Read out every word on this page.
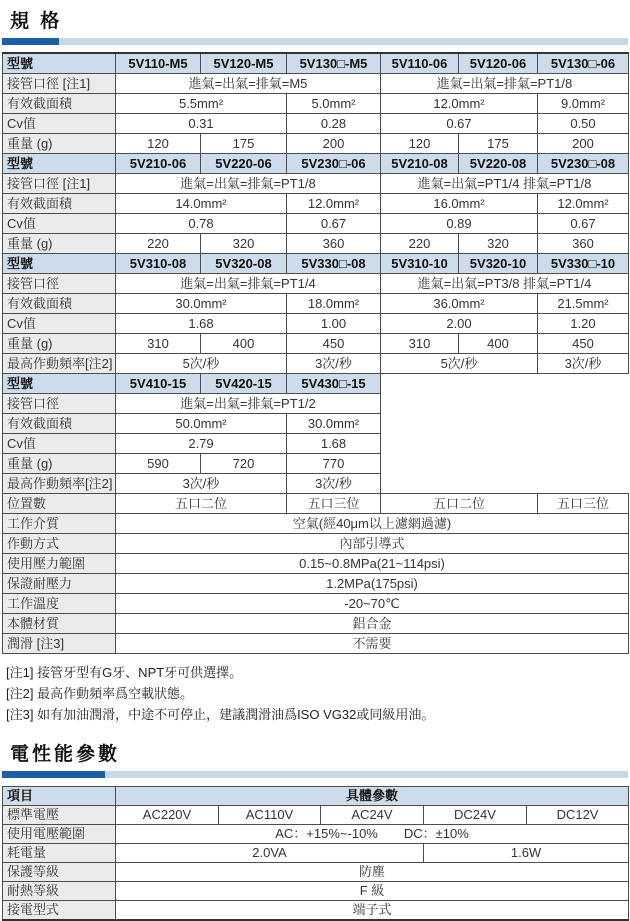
規 格
型號	5V110-M5	5V120-M5	5V130□-M5	5V110-06	5V120-06	5V130□-06
接管口徑 [注1]	進氣=出氣=排氣=M5			進氣=出氣=排氣=PT1/8		
有效截面積	5.5mm²		5.0mm²	12.0mm²		9.0mm²
Cv值	0.31		0.28	0.67		0.50
重量 (g)	120	175	200	120	175	200
型號	5V210-06	5V220-06	5V230□-06	5V210-08	5V220-08	5V230□-08
接管口徑 [注1]	進氣=出氣=排氣=PT1/8			進氣=出氣=PT1/4 排氣=PT1/8		
有效截面積	14.0mm²		12.0mm²	16.0mm²		12.0mm²
Cv值	0.78		0.67	0.89		0.67
重量 (g)	220	320	360	220	320	360
型號	5V310-08	5V320-08	5V330□-08	5V310-10	5V320-10	5V330□-10
接管口徑	進氣=出氣=排氣=PT1/4			進氣=出氣=PT3/8 排氣=PT1/4		
有效截面積	30.0mm²		18.0mm²	36.0mm²		21.5mm²
Cv值	1.68		1.00	2.00		1.20
重量 (g)	310	400	450	310	400	450
最高作動頻率[注2]	5次/秒		3次/秒	5次/秒		3次/秒
型號	5V410-15	5V420-15	5V430□-15			
接管口徑	進氣=出氣=排氣=PT1/2					
有效截面積	50.0mm²		30.0mm²			
Cv值	2.79		1.68			
重量 (g)	590	720	770			
最高作動頻率[注2]	3次/秒		3次/秒			
位置數	五口二位		五口三位	五口二位		五口三位
工作介質	空氣(經40μm以上濾網過濾)					
作動方式	內部引導式					
使用壓力範圍	0.15~0.8MPa(21~114psi)					
保證耐壓力	1.2MPa(175psi)					
工作溫度	-20~70℃					
本體材質	鋁合金					
潤滑 [注3]	不需要					
[注1] 接管牙型有G牙、NPT牙可供選擇。
[注2] 最高作動頻率爲空載狀態。
[注3] 如有加油潤滑，中途不可停止，建議潤滑油爲ISO VG32或同級用油。
電性能參數
項目	具體參數				
標準電壓	AC220V	AC110V	AC24V	DC24V	DC12V
使用電壓範圍	AC：+15%~-10%　　DC：±10%				
耗電量	2.0VA			1.6W	
保護等級	防塵				
耐熱等級	F 級				
接電型式	端子式				
